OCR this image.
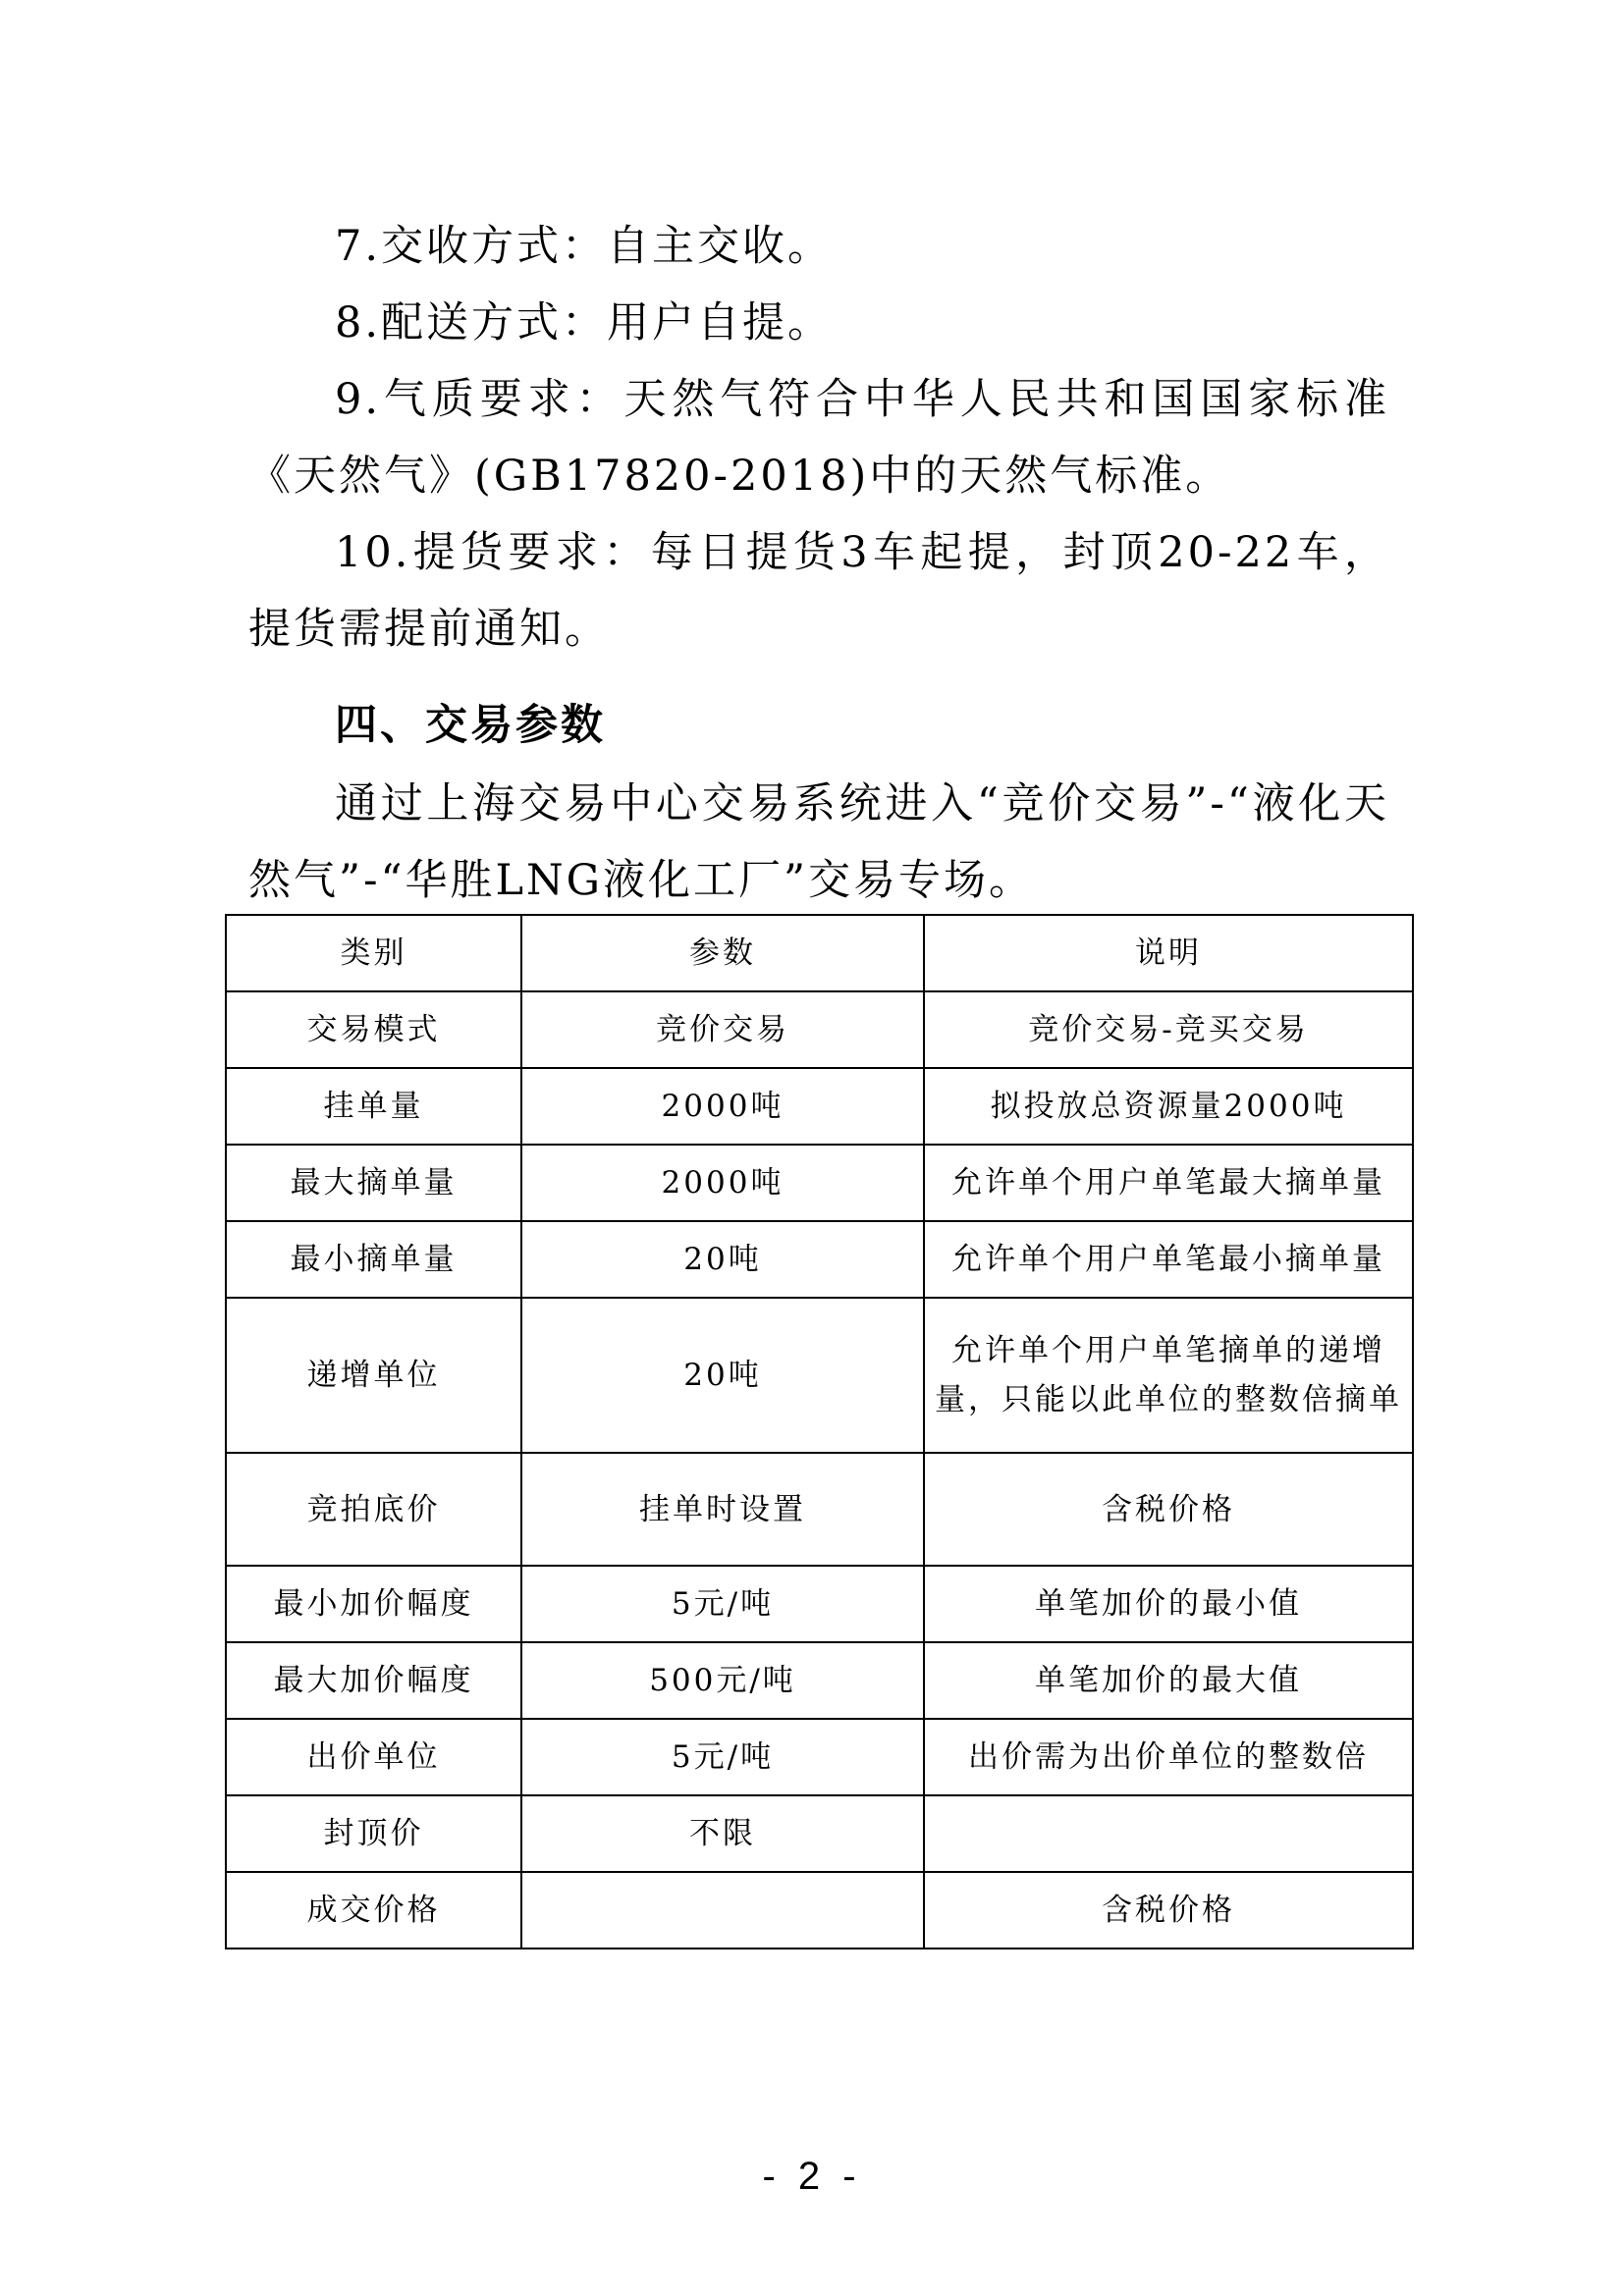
7.交收方式：自主交收。

8.配送方式：用户自提。

9.气质要求：天然气符合中华人民共和国国家标准《天然气》(GB17820-2018)中的天然气标准。

10.提货要求：每日提货3车起提，封顶20-22车，提货需提前通知。

四、交易参数

通过上海交易中心交易系统进入“竞价交易”-“液化天然气”-“华胜LNG液化工厂”交易专场。

类别	参数	说明
交易模式	竞价交易	竞价交易-竞买交易
挂单量	2000吨	拟投放总资源量2000吨
最大摘单量	2000吨	允许单个用户单笔最大摘单量
最小摘单量	20吨	允许单个用户单笔最小摘单量
递增单位	20吨	允许单个用户单笔摘单的递增量，只能以此单位的整数倍摘单
竞拍底价	挂单时设置	含税价格
最小加价幅度	5元/吨	单笔加价的最小值
最大加价幅度	500元/吨	单笔加价的最大值
出价单位	5元/吨	出价需为出价单位的整数倍
封顶价	不限	
成交价格		含税价格
- 2 -
